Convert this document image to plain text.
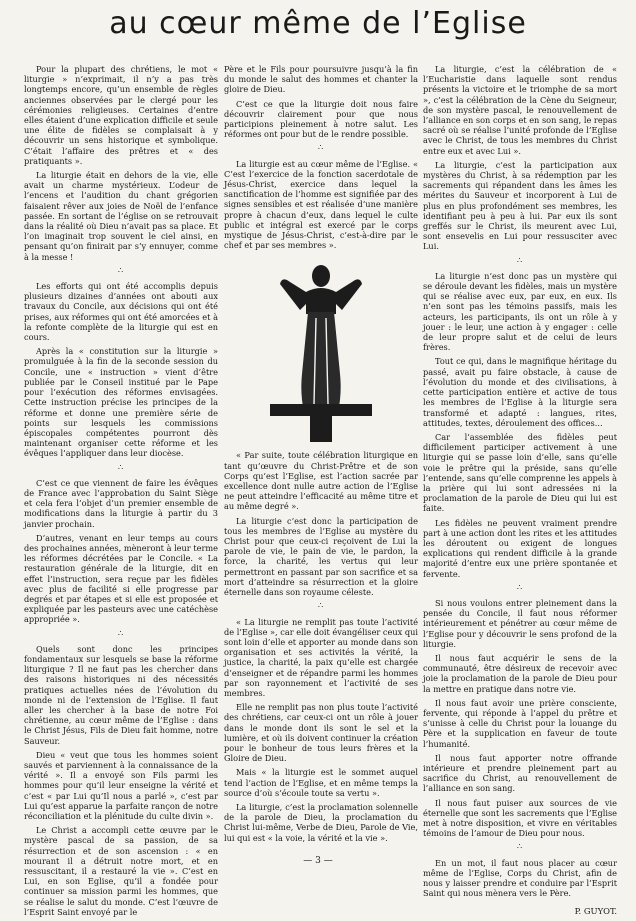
au cœur même de l’Eglise

Pour la plupart des chrétiens, le mot « liturgie » n’exprimait, il n’y a pas très longtemps encore, qu’un ensemble de règles anciennes observées par le clergé pour les cérémonies religieuses. Certaines d’entre elles étaient d’une explication difficile et seule une élite de fidèles se complaisait à y découvrir un sens historique et symbolique. C’était l’affaire des prêtres et « des pratiquants ».

La liturgie était en dehors de la vie, elle avait un charme mystérieux. L’odeur de l’encens et l’audition du chant grégorien faisaient rêver aux joies de Noël de l’enfance passée. En sortant de l’église on se retrouvait dans la réalité où Dieu n’avait pas sa place. Et l’on imaginait trop souvent le ciel ainsi, en pensant qu’on finirait par s’y ennuyer, comme à la messe !

∴

Les efforts qui ont été accomplis depuis plusieurs dizaines d’années ont abouti aux travaux du Concile, aux décisions qui ont été prises, aux réformes qui ont été amorcées et à la refonte complète de la liturgie qui est en cours.

Après la « constitution sur la liturgie » promulguée à la fin de la seconde session du Concile, une « instruction » vient d’être publiée par le Conseil institué par le Pape pour l’exécution des réformes envisagées. Cette instruction précise les principes de la réforme et donne une première série de points sur lesquels les commissions épiscopales compétentes pourront dès maintenant organiser cette réforme et les évêques l’appliquer dans leur diocèse.

∴

C’est ce que viennent de faire les évêques de France avec l’approbation du Saint Siège et cela fera l’objet d’un premier ensemble de modifications dans la liturgie à partir du 3 janvier prochain.

D’autres, venant en leur temps au cours des prochaines années, mèneront à leur terme les réformes décrétées par le Concile. « La restauration générale de la liturgie, dit en effet l’instruction, sera reçue par les fidèles avec plus de facilité si elle progresse par degrés et par étapes et si elle est proposée et expliquée par les pasteurs avec une catéchèse appropriée ».

∴

Quels sont donc les principes fondamentaux sur lesquels se base la réforme liturgique ? Il ne faut pas les chercher dans des raisons historiques ni des nécessités pratiques actuelles nées de l’évolution du monde ni de l’extension de l’Eglise. Il faut aller les chercher à la base de notre Foi chrétienne, au cœur même de l’Eglise : dans le Christ Jésus, Fils de Dieu fait homme, notre Sauveur.

Dieu « veut que tous les hommes soient sauvés et parviennent à la connaissance de la vérité ». Il a envoyé son Fils parmi les hommes pour qu’il leur enseigne la vérité et c’est « par Lui qu’Il nous a parlé », c’est par Lui qu’est apparue la parfaite rançon de notre réconciliation et la plénitude du culte divin ».

Le Christ a accompli cette œuvre par le mystère pascal de sa passion, de sa résurrection et de son ascension : « en mourant il a détruit notre mort, et en ressuscitant, il a restauré la vie ». C’est en Lui, en son Eglise, qu’il a fondée pour continuer sa mission parmi les hommes, que se réalise le salut du monde. C’est l’œuvre de l’Esprit Saint envoyé par le

Père et le Fils pour poursuivre jusqu’à la fin du monde le salut des hommes et chanter la gloire de Dieu.

C’est ce que la liturgie doit nous faire découvrir clairement pour que nous participions pleinement à notre salut. Les réformes ont pour but de le rendre possible.

∴

La liturgie est au cœur même de l’Eglise. « C’est l’exercice de la fonction sacerdotale de Jésus-Christ, exercice dans lequel la sanctification de l’homme est signifiée par des signes sensibles et est réalisée d’une manière propre à chacun d’eux, dans lequel le culte public et intégral est exercé par le corps mystique de Jésus-Christ, c’est-à-dire par le chef et par ses membres ».

« Par suite, toute célébration liturgique en tant qu’œuvre du Christ-Prêtre et de son Corps qu’est l’Eglise, est l’action sacrée par excellence dont nulle autre action de l’Eglise ne peut atteindre l’efficacité au même titre et au même degré ».

La liturgie c’est donc la participation de tous les membres de l’Eglise au mystère du Christ pour que ceux-ci reçoivent de Lui la parole de vie, le pain de vie, le pardon, la force, la charité, les vertus qui leur permettront en passant par son sacrifice et sa mort d’atteindre sa résurrection et la gloire éternelle dans son royaume céleste.

∴

« La liturgie ne remplit pas toute l’activité de l’Eglise », car elle doit évangéliser ceux qui sont loin d’elle et apporter au monde dans son organisation et ses activités la vérité, la justice, la charité, la paix qu’elle est chargée d’enseigner et de répandre parmi les hommes par son rayonnement et l’activité de ses membres.

Elle ne remplit pas non plus toute l’activité des chrétiens, car ceux-ci ont un rôle à jouer dans le monde dont ils sont le sel et la lumière, et où ils doivent continuer la création pour le bonheur de tous leurs frères et la Gloire de Dieu.

Mais « la liturgie est le sommet auquel tend l’action de l’Eglise, et en même temps la source d’où s’écoule toute sa vertu ».

La liturgie, c’est la proclamation solennelle de la parole de Dieu, la proclamation du Christ lui-même, Verbe de Dieu, Parole de Vie, lui qui est « la voie, la vérité et la vie ».

La liturgie, c’est la célébration de « l’Eucharistie dans laquelle sont rendus présents la victoire et le triomphe de sa mort », c’est la célébration de la Cène du Seigneur, de son mystère pascal, le renouvellement de l’alliance en son corps et en son sang, le repas sacré où se réalise l’unité profonde de l’Eglise avec le Christ, de tous les membres du Christ entre eux et avec Lui ».

La liturgie, c’est la participation aux mystères du Christ, à sa rédemption par les sacrements qui répandent dans les âmes les mérites du Sauveur et incorporent à Lui de plus en plus profondément ses membres, les identifiant peu à peu à lui. Par eux ils sont greffés sur le Christ, ils meurent avec Lui, sont ensevelis en Lui pour ressusciter avec Lui.

∴

La liturgie n’est donc pas un mystère qui se déroule devant les fidèles, mais un mystère qui se réalise avec eux, par eux, en eux. Ils n’en sont pas les témoins passifs, mais les acteurs, les participants, ils ont un rôle à y jouer : le leur, une action à y engager : celle de leur propre salut et de celui de leurs frères.

Tout ce qui, dans le magnifique héritage du passé, avait pu faire obstacle, à cause de l’évolution du monde et des civilisations, à cette participation entière et active de tous les membres de l’Eglise à la liturgie sera transformé et adapté : langues, rites, attitudes, textes, déroulement des offices...

Car l’assemblée des fidèles peut difficilement participer activement à une liturgie qui se passe loin d’elle, sans qu’elle voie le prêtre qui la préside, sans qu’elle l’entende, sans qu’elle comprenne les appels à la prière qui lui sont adressées ni la proclamation de la parole de Dieu qui lui est faite.

Les fidèles ne peuvent vraiment prendre part à une action dont les rites et les attitudes les déroutent ou exigent de longues explications qui rendent difficile à la grande majorité d’entre eux une prière spontanée et fervente.

∴

Si nous voulons entrer pleinement dans la pensée du Concile, il faut nous réformer intérieurement et pénétrer au cœur même de l’Eglise pour y découvrir le sens profond de la liturgie.

Il nous faut acquérir le sens de la communauté, être désireux de recevoir avec joie la proclamation de la parole de Dieu pour la mettre en pratique dans notre vie.

Il nous faut avoir une prière consciente, fervente, qui réponde à l’appel du prêtre et s’unisse à celle du Christ pour la louange du Père et la supplication en faveur de toute l’humanité.

Il nous faut apporter notre offrande intérieure et prendre pleinement part au sacrifice du Christ, au renouvellement de l’alliance en son sang.

Il nous faut puiser aux sources de vie éternelle que sont les sacrements que l’Eglise met à notre disposition, et vivre en véritables témoins de l’amour de Dieu pour nous.

∴

En un mot, il faut nous placer au cœur même de l’Eglise, Corps du Christ, afin de nous y laisser prendre et conduire par l’Esprit Saint qui nous mènera vers le Père.

P. GUYOT.
— 3 —
